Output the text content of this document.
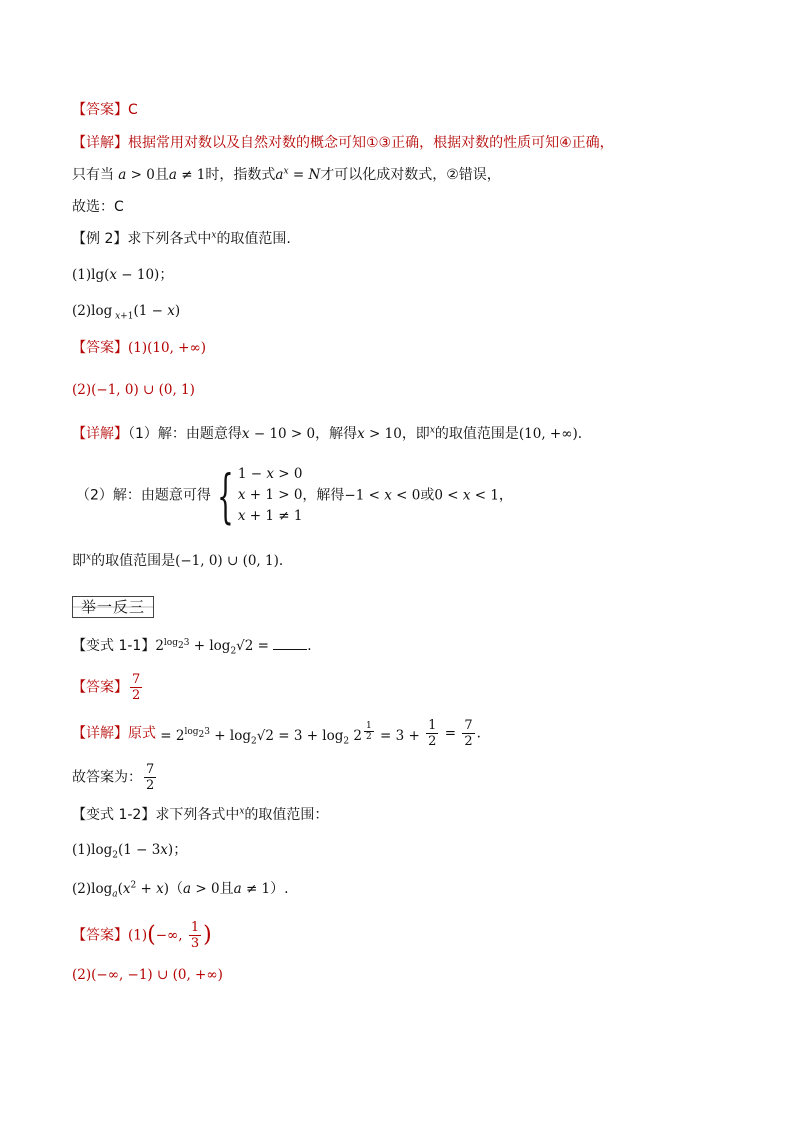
【答案】C
【详解】根据常用对数以及自然对数的概念可知①③正确，根据对数的性质可知④正确，
只有当 a > 0且a ≠ 1时，指数式$a^x = N$才可以化成对数式，②错误，
故选：C
【例 2】求下列各式中$^x$的取值范围.
(1)lg(x − 10)；
(2)log $_{x+1}$(1 − x)
【答案】(1)(10, +∞)
(2)(−1, 0) ∪ (0, 1)
【详解】（1）解：由题意得x − 10 > 0，解得x > 10，即$^x$的取值范围是(10, +∞).
（2）解：由题意可得 { 1 − x > 0
x + 1 > 0
x + 1 ≠ 1
，解得−1 < x < 0或0 < x < 1，
即$^x$的取值范围是(−1, 0) ∪ (0, 1).
举一反三
【变式 1-1】$2^{log_23} + \log_2√2$ =	.
【答案】 $\frac{7}{2}$
【详解】原式 = $2^{log_23} + \log_2√2 = 3 + \log_2 2$ $^{\frac{1}{2}} = 3 + \frac{1}{2} = \frac{7}{2}$ .
故答案为： $\frac{7}{2}$
【变式 1-2】求下列各式中$^x$的取值范围：
$(1)\log_2(1 - 3x)$；
$(2)\log_a(x^2 + x)(a > 0$且a ≠ 1）.
【答案】(1)(−∞, $\frac{1}{3}$ )
(2)(−∞, −1) ∪ (0, +∞)
